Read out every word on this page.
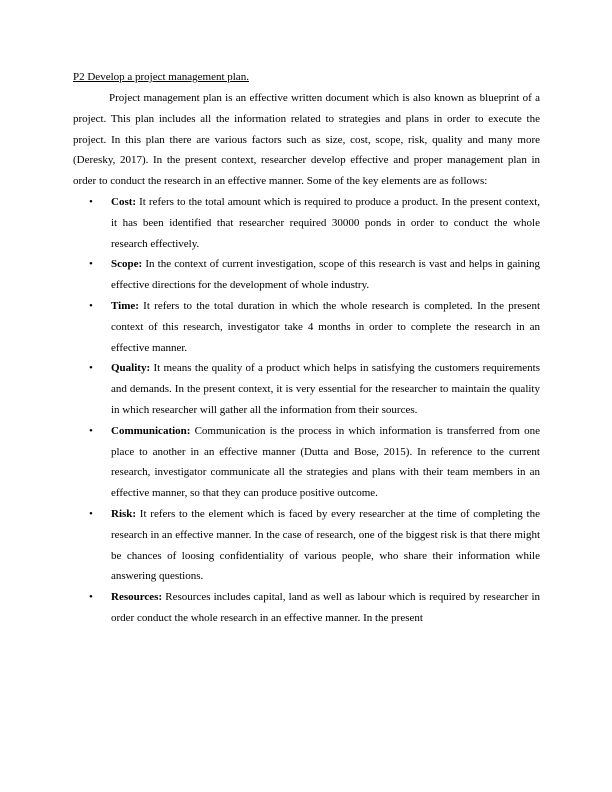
P2 Develop a project management plan.

Project management plan is an effective written document which is also known as blueprint of a project. This plan includes all the information related to strategies and plans in order to execute the project. In this plan there are various factors such as size, cost, scope, risk, quality and many more (Deresky, 2017). In the present context, researcher develop effective and proper management plan in order to conduct the research in an effective manner. Some of the key elements are as follows:

• Cost: It refers to the total amount which is required to produce a product. In the present context, it has been identified that researcher required 30000 ponds in order to conduct the whole research effectively.
• Scope: In the context of current investigation, scope of this research is vast and helps in gaining effective directions for the development of whole industry.
• Time: It refers to the total duration in which the whole research is completed. In the present context of this research, investigator take 4 months in order to complete the research in an effective manner.
• Quality: It means the quality of a product which helps in satisfying the customers requirements and demands. In the present context, it is very essential for the researcher to maintain the quality in which researcher will gather all the information from their sources.
• Communication: Communication is the process in which information is transferred from one place to another in an effective manner (Dutta and Bose, 2015). In reference to the current research, investigator communicate all the strategies and plans with their team members in an effective manner, so that they can produce positive outcome.
• Risk: It refers to the element which is faced by every researcher at the time of completing the research in an effective manner. In the case of research, one of the biggest risk is that there might be chances of loosing confidentiality of various people, who share their information while answering questions.
• Resources: Resources includes capital, land as well as labour which is required by researcher in order conduct the whole research in an effective manner. In the present
